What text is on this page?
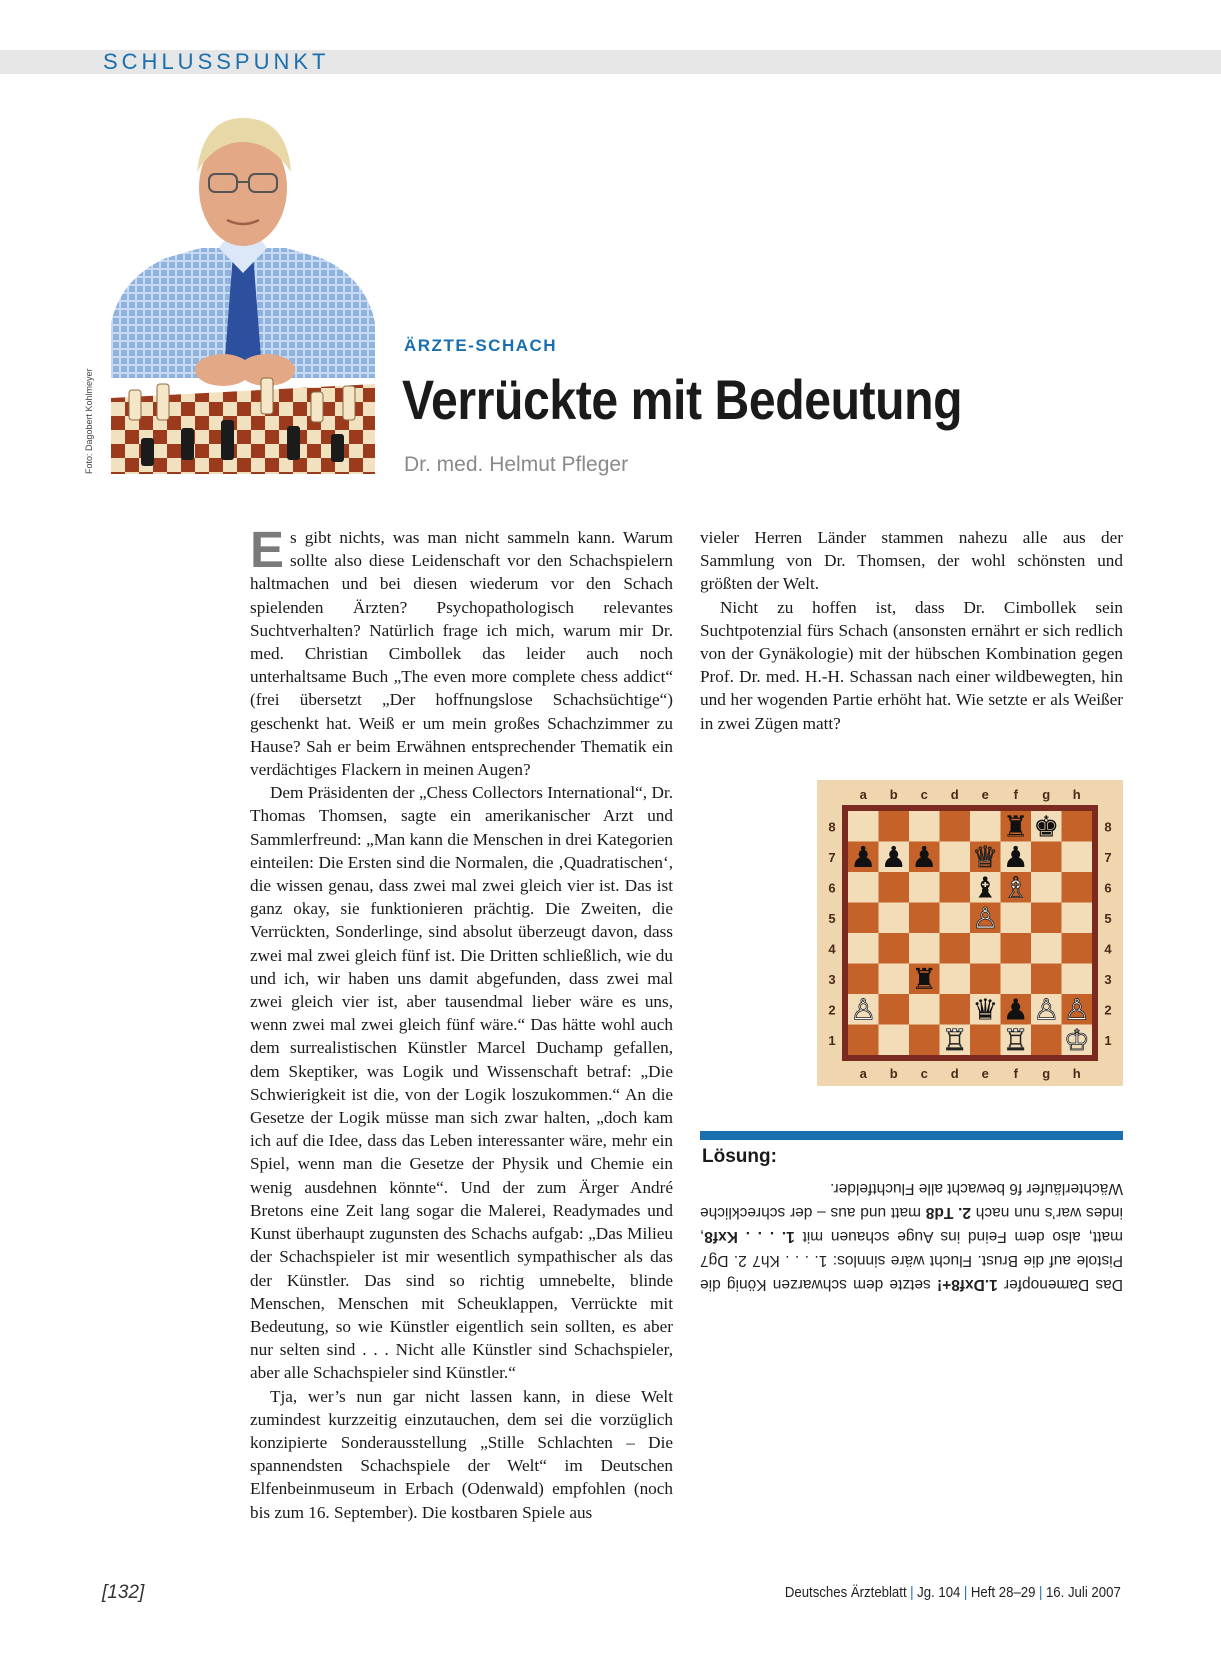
SCHLUSSPUNKT
Foto: Dagobert Kohlmeyer
ÄRZTE-SCHACH
Verrückte mit Bedeutung
Dr. med. Helmut Pfleger

Es gibt nichts, was man nicht sammeln kann. Warum sollte also diese Leidenschaft vor den Schachspielern haltmachen und bei diesen wiederum vor den Schach spielenden Ärzten? Psychopathologisch relevantes Suchtverhalten? Natürlich frage ich mich, warum mir Dr. med. Christian Cimbollek das leider auch noch unterhaltsame Buch „The even more complete chess addict“ (frei übersetzt „Der hoffnungslose Schachsüchtige“) geschenkt hat. Weiß er um mein großes Schachzimmer zu Hause? Sah er beim Erwähnen entsprechender Thematik ein verdächtiges Flackern in meinen Augen?

Dem Präsidenten der „Chess Collectors International“, Dr. Thomas Thomsen, sagte ein amerikanischer Arzt und Sammlerfreund: „Man kann die Menschen in drei Kategorien einteilen: Die Ersten sind die Normalen, die ‚Quadratischen‘, die wissen genau, dass zwei mal zwei gleich vier ist. Das ist ganz okay, sie funktionieren prächtig. Die Zweiten, die Verrückten, Sonderlinge, sind absolut überzeugt davon, dass zwei mal zwei gleich fünf ist. Die Dritten schließlich, wie du und ich, wir haben uns damit abgefunden, dass zwei mal zwei gleich vier ist, aber tausendmal lieber wäre es uns, wenn zwei mal zwei gleich fünf wäre.“ Das hätte wohl auch dem surrealistischen Künstler Marcel Duchamp gefallen, dem Skeptiker, was Logik und Wissenschaft betraf: „Die Schwierigkeit ist die, von der Logik loszukommen.“ An die Gesetze der Logik müsse man sich zwar halten, „doch kam ich auf die Idee, dass das Leben interessanter wäre, mehr ein Spiel, wenn man die Gesetze der Physik und Chemie ein wenig ausdehnen könnte“. Und der zum Ärger André Bretons eine Zeit lang sogar die Malerei, Readymades und Kunst überhaupt zugunsten des Schachs aufgab: „Das Milieu der Schachspieler ist mir wesentlich sympathischer als das der Künstler. Das sind so richtig umnebelte, blinde Menschen, Menschen mit Scheuklappen, Verrückte mit Bedeutung, so wie Künstler eigentlich sein sollten, es aber nur selten sind . . . Nicht alle Künstler sind Schachspieler, aber alle Schachspieler sind Künstler.“

Tja, wer’s nun gar nicht lassen kann, in diese Welt zumindest kurzzeitig einzutauchen, dem sei die vorzüglich konzipierte Sonderausstellung „Stille Schlachten – Die spannendsten Schachspiele der Welt“ im Deutschen Elfenbeinmuseum in Erbach (Odenwald) empfohlen (noch bis zum 16. September). Die kostbaren Spiele aus

vieler Herren Länder stammen nahezu alle aus der Sammlung von Dr. Thomsen, der wohl schönsten und größten der Welt.

Nicht zu hoffen ist, dass Dr. Cimbollek sein Suchtpotenzial fürs Schach (ansonsten ernährt er sich redlich von der Gynäkologie) mit der hübschen Kombination gegen Prof. Dr. med. H.-H. Schassan nach einer wildbewegten, hin und her wogenden Partie erhöht hat. Wie setzte er als Weißer in zwei Zügen matt?

a
a
b
b
c
c
d
d
e
e
f
f
g
g
h
h
8	8
7	7
6	6
5	5
4	4
3	3
2	2
1	1
♜ ♚
♟ ♟ ♟ ♕ ♟
♝ ♗
♙
♜
♙	♛ ♟ ♙ ♙
♖ ♖ ♔
Lösung:
Das Damenopfer 1.Dxf8+! setzte dem schwarzen König die Pistole auf die Brust. Flucht wäre sinnlos: 1. . . . Kh7 2. Dg7 matt, also dem Feind ins Auge schauen mit 1. . . . Kxf8, indes war’s nun nach 2. Td8 matt und aus – der schreckliche Wächterläufer f6 bewacht alle Fluchtfelder.
[132]	Deutsches Ärzteblatt | Jg. 104 | Heft 28–29 | 16. Juli 2007
